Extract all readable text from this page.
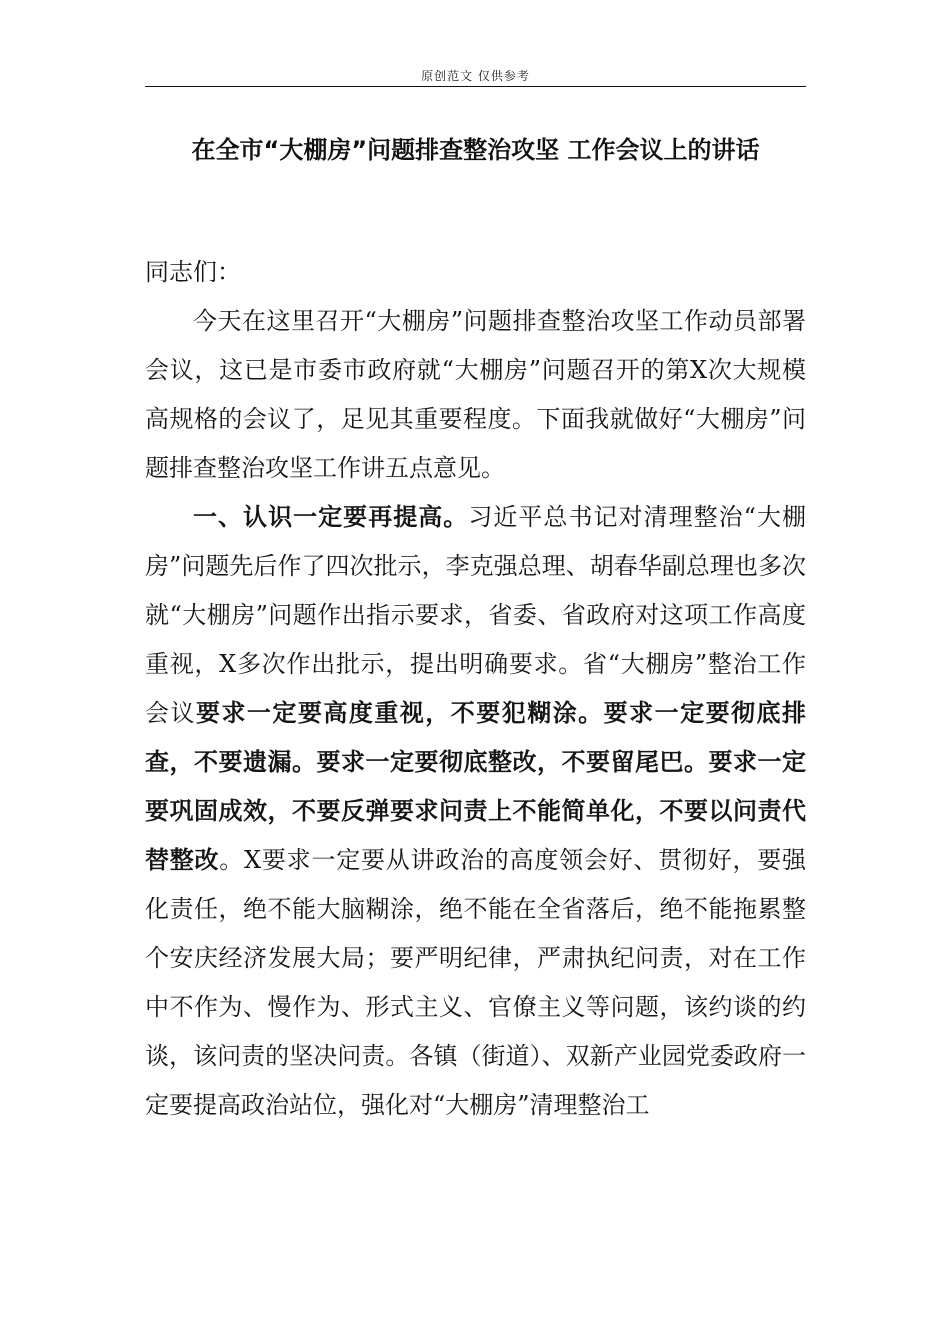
原创范文 仅供参考
在全市“大棚房”问题排查整治攻坚 工作会议上的讲话

同志们：

今天在这里召开“大棚房”问题排查整治攻坚工作动员部署会议，这已是市委市政府就“大棚房”问题召开的第X次大规模高规格的会议了，足见其重要程度。下面我就做好“大棚房”问题排查整治攻坚工作讲五点意见。

一、认识一定要再提高。习近平总书记对清理整治“大棚房”问题先后作了四次批示，李克强总理、胡春华副总理也多次就“大棚房”问题作出指示要求，省委、省政府对这项工作高度重视，X多次作出批示，提出明确要求。省“大棚房”整治工作会议要求一定要高度重视，不要犯糊涂。要求一定要彻底排查，不要遗漏。要求一定要彻底整改，不要留尾巴。要求一定要巩固成效，不要反弹要求问责上不能简单化，不要以问责代替整改。X要求一定要从讲政治的高度领会好、贯彻好，要强化责任，绝不能大脑糊涂，绝不能在全省落后，绝不能拖累整个安庆经济发展大局；要严明纪律，严肃执纪问责，对在工作中不作为、慢作为、形式主义、官僚主义等问题，该约谈的约谈，该问责的坚决问责。各镇（街道）、双新产业园党委政府一定要提高政治站位，强化对“大棚房”清理整治工
